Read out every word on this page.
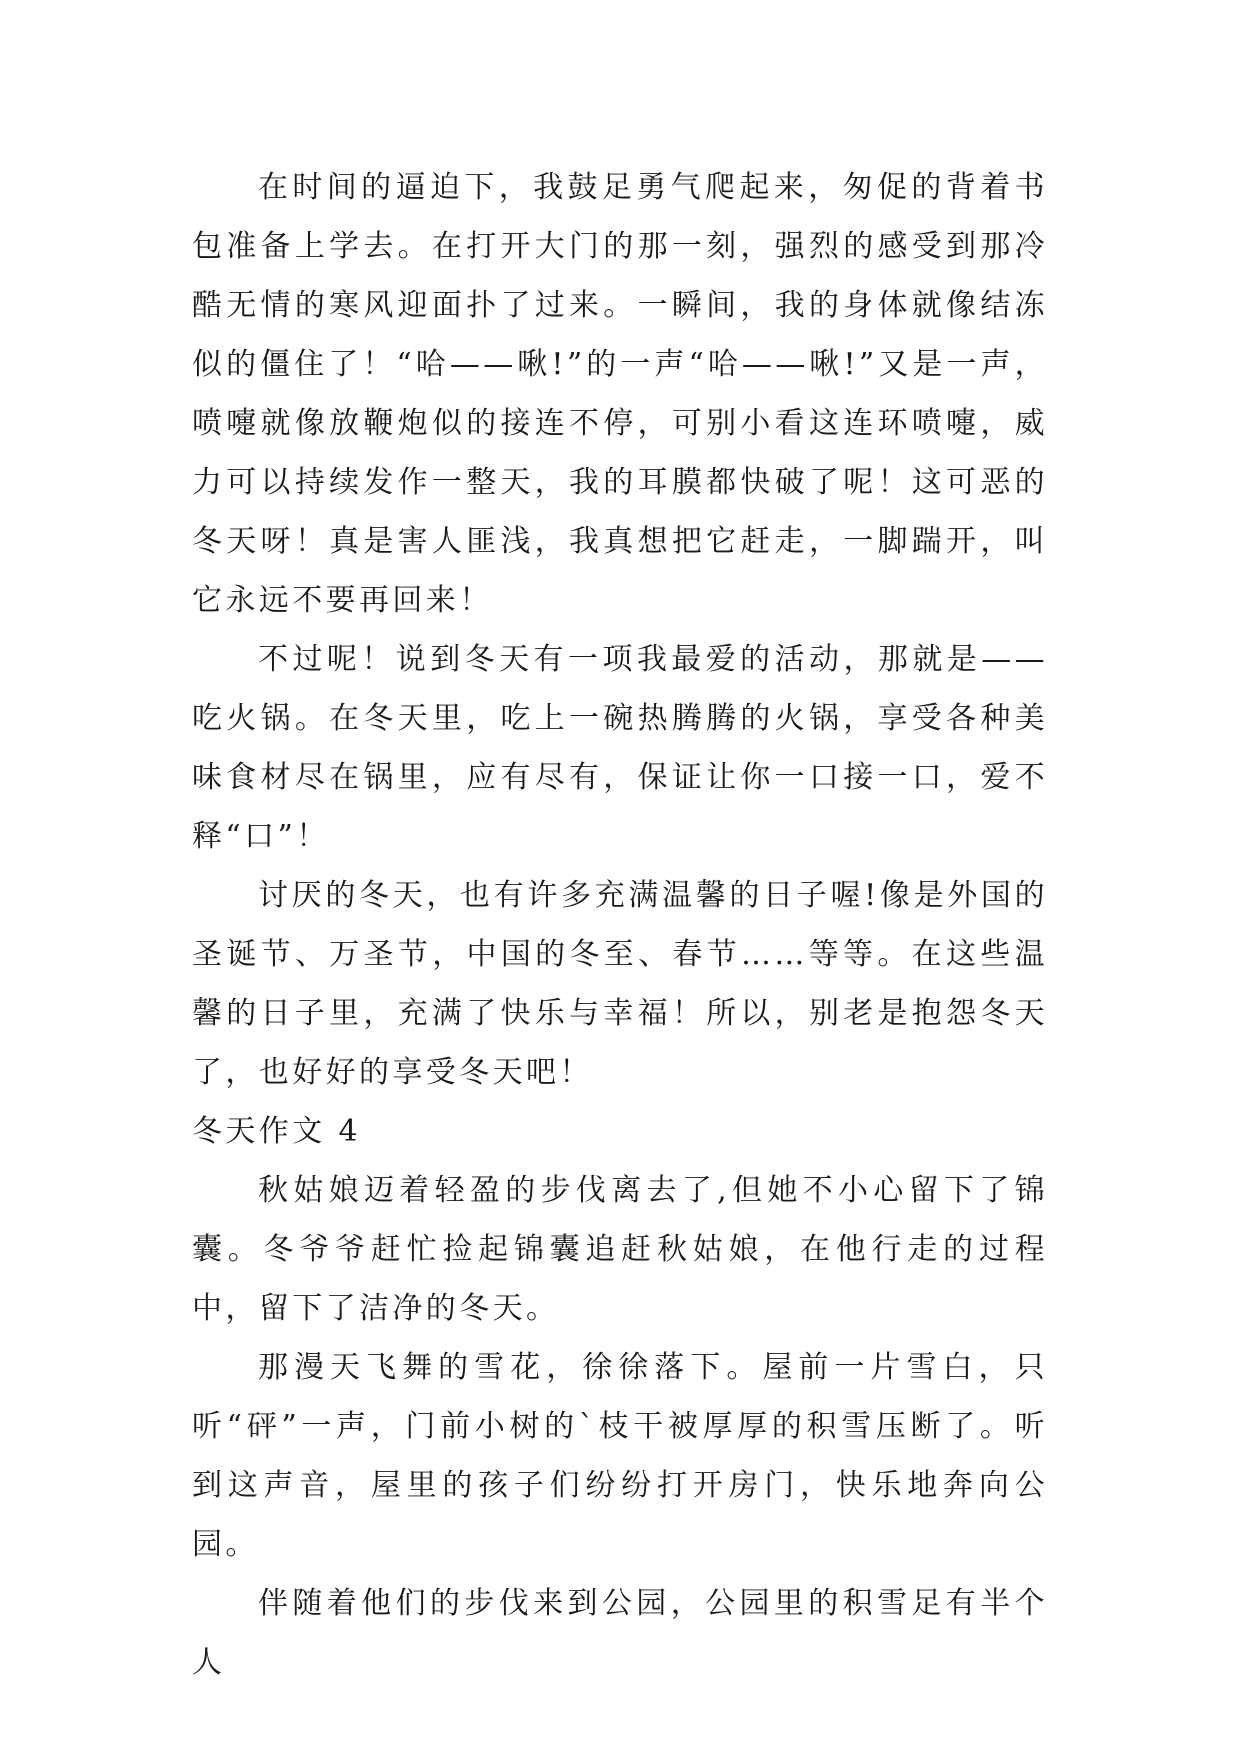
在时间的逼迫下，我鼓足勇气爬起来，匆促的背着书包准备上学去。在打开大门的那一刻，强烈的感受到那冷酷无情的寒风迎面扑了过来。一瞬间，我的身体就像结冻似的僵住了！“哈——啾!”的一声“哈——啾!”又是一声，喷嚏就像放鞭炮似的接连不停，可别小看这连环喷嚏，威力可以持续发作一整天，我的耳膜都快破了呢！这可恶的冬天呀！真是害人匪浅，我真想把它赶走，一脚踹开，叫它永远不要再回来！

不过呢！说到冬天有一项我最爱的活动，那就是——吃火锅。在冬天里，吃上一碗热腾腾的火锅，享受各种美味食材尽在锅里，应有尽有，保证让你一口接一口，爱不释“口”！

讨厌的冬天，也有许多充满温馨的日子喔!像是外国的圣诞节、万圣节，中国的冬至、春节……等等。在这些温馨的日子里，充满了快乐与幸福！所以，别老是抱怨冬天了，也好好的享受冬天吧！

冬天作文 4

秋姑娘迈着轻盈的步伐离去了,但她不小心留下了锦囊。冬爷爷赶忙捡起锦囊追赶秋姑娘，在他行走的过程中，留下了洁净的冬天。

那漫天飞舞的雪花，徐徐落下。屋前一片雪白，只听“砰”一声，门前小树的`枝干被厚厚的积雪压断了。听到这声音，屋里的孩子们纷纷打开房门，快乐地奔向公园。

伴随着他们的步伐来到公园，公园里的积雪足有半个人
